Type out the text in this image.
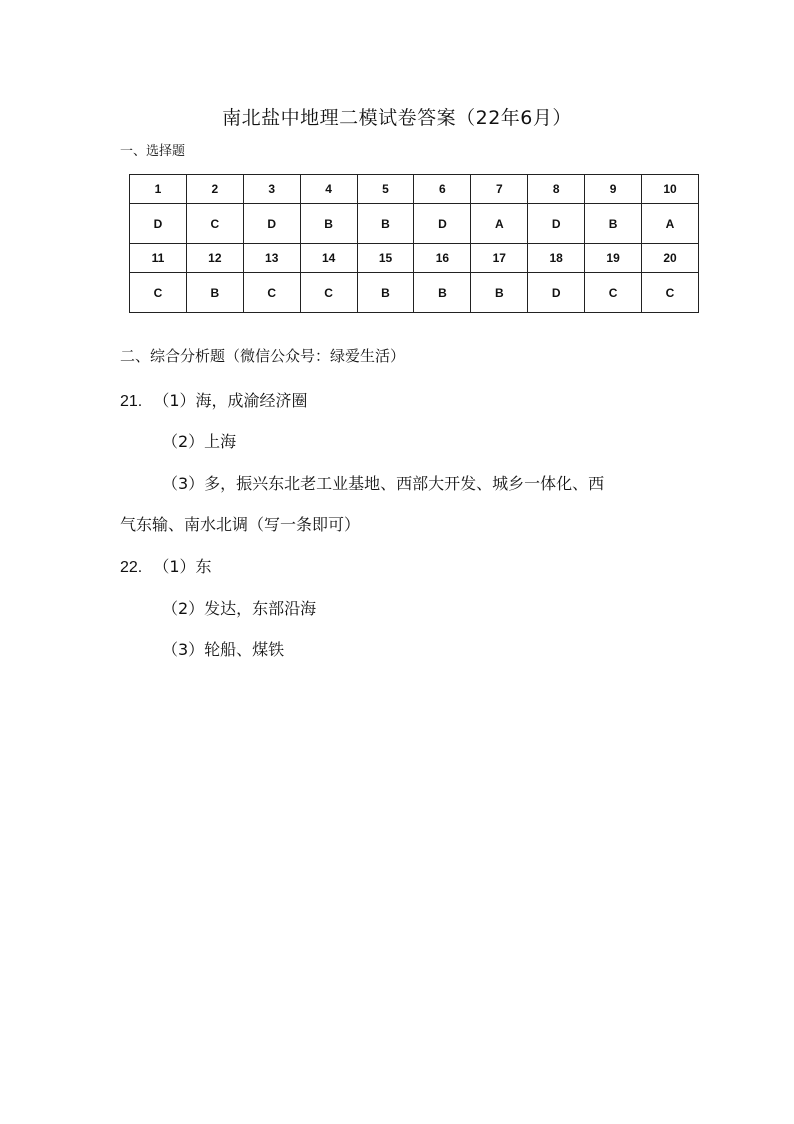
南北盐中地理二模试卷答案（22年6月）
一、选择题
1	2	3	4	5	6	7	8	9	10
D	C	D	B	B	D	A	D	B	A
11	12	13	14	15	16	17	18	19	20
C	B	C	C	B	B	B	D	C	C
二、综合分析题（微信公众号：绿爱生活）
21. （1）海，成渝经济圈
（2）上海
（3）多，振兴东北老工业基地、西部大开发、城乡一体化、西
气东输、南水北调（写一条即可）
22. （1）东
（2）发达，东部沿海
（3）轮船、煤铁
